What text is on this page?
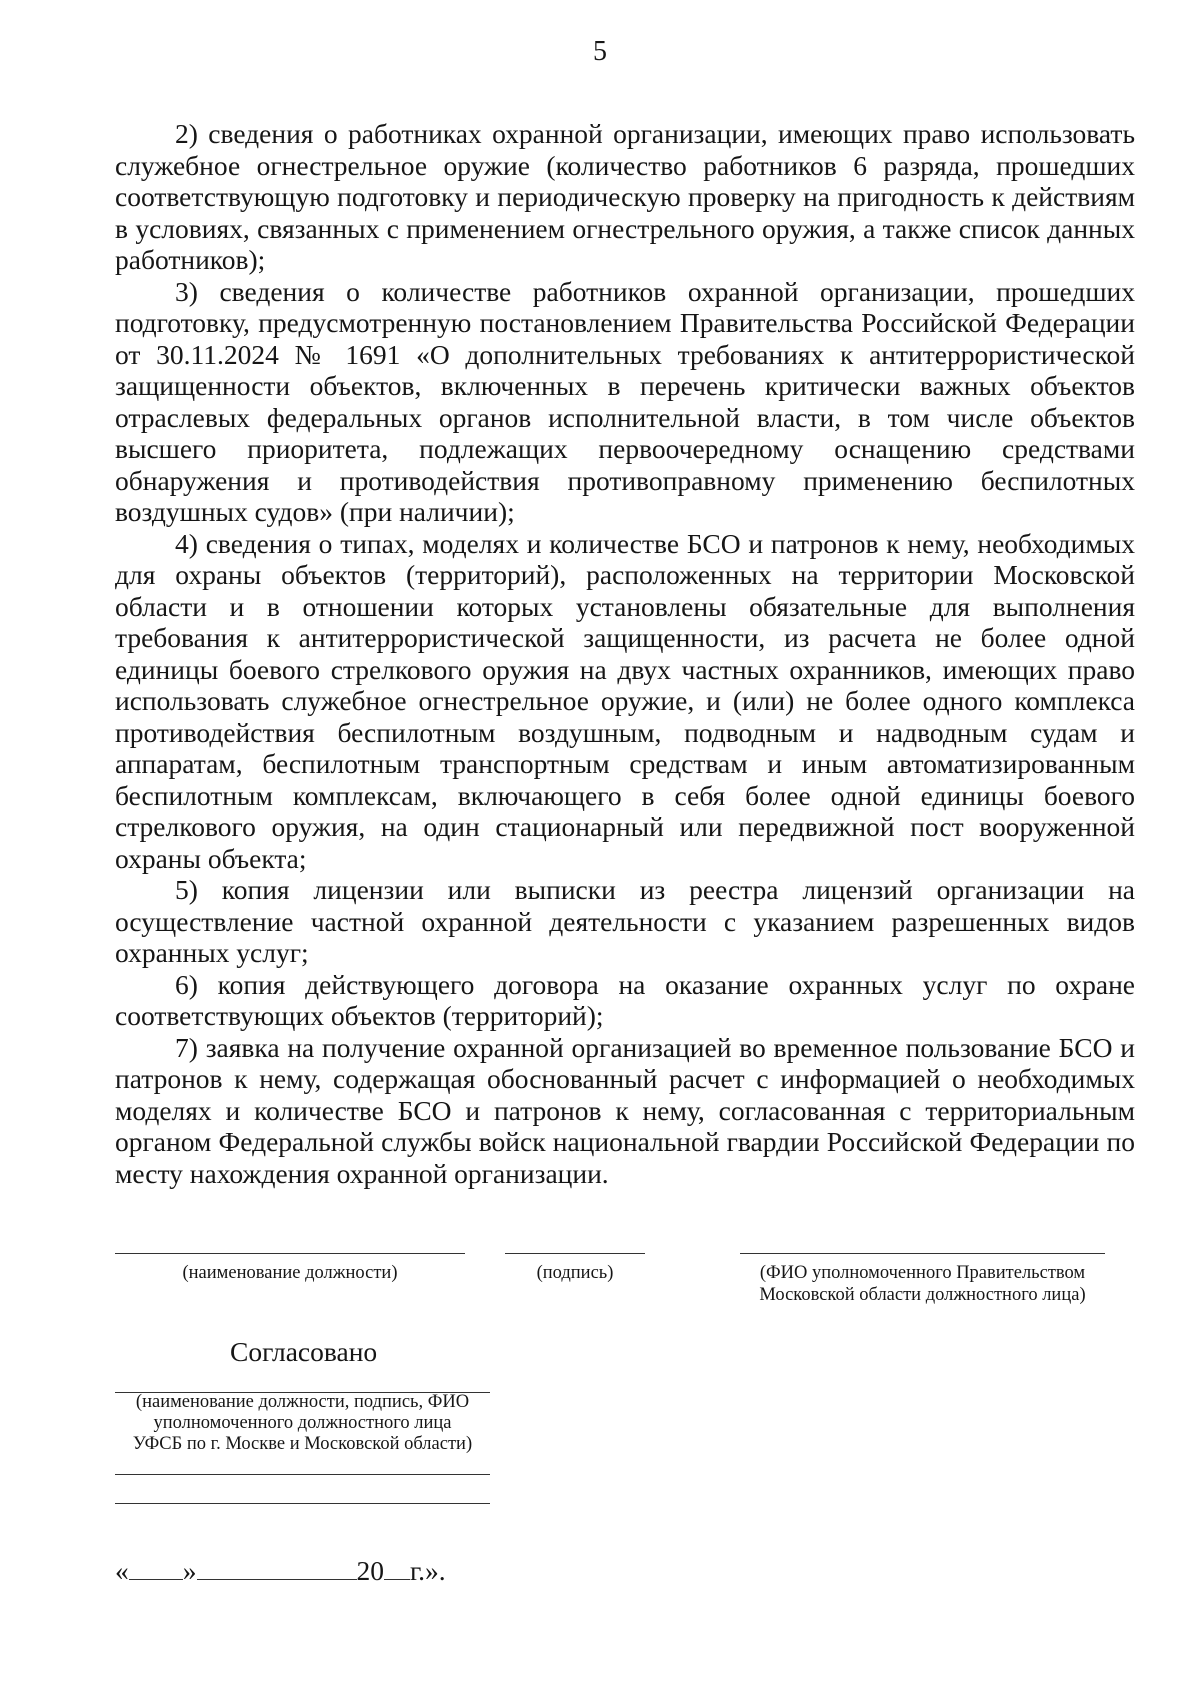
5

2) сведения о работниках охранной организации, имеющих право использовать служебное огнестрельное оружие (количество работников 6 разряда, прошедших соответствующую подготовку и периодическую проверку на пригодность к действиям в условиях, связанных с применением огнестрельного оружия, а также список данных работников);

3) сведения о количестве работников охранной организации, прошедших подготовку, предусмотренную постановлением Правительства Российской Федерации от 30.11.2024 № 1691 «О дополнительных требованиях к антитеррористической защищенности объектов, включенных в перечень критически важных объектов отраслевых федеральных органов исполнительной власти, в том числе объектов высшего приоритета, подлежащих первоочередному оснащению средствами обнаружения и противодействия противоправному применению беспилотных воздушных судов» (при наличии);

4) сведения о типах, моделях и количестве БСО и патронов к нему, необходимых для охраны объектов (территорий), расположенных на территории Московской области и в отношении которых установлены обязательные для выполнения требования к антитеррористической защищенности, из расчета не более одной единицы боевого стрелкового оружия на двух частных охранников, имеющих право использовать служебное огнестрельное оружие, и (или) не более одного комплекса противодействия беспилотным воздушным, подводным и надводным судам и аппаратам, беспилотным транспортным средствам и иным автоматизированным беспилотным комплексам, включающего в себя более одной единицы боевого стрелкового оружия, на один стационарный или передвижной пост вооруженной охраны объекта;

5) копия лицензии или выписки из реестра лицензий организации на осуществление частной охранной деятельности с указанием разрешенных видов охранных услуг;

6) копия действующего договора на оказание охранных услуг по охране соответствующих объектов (территорий);

7) заявка на получение охранной организацией во временное пользование БСО и патронов к нему, содержащая обоснованный расчет с информацией о необходимых моделях и количестве БСО и патронов к нему, согласованная с территориальным органом Федеральной службы войск национальной гвардии Российской Федерации по месту нахождения охранной организации.

(наименование должности)	(подпись)	(ФИО уполномоченного Правительством
Московской области должностного лица)
Согласовано
(наименование должности, подпись, ФИО
уполномоченного должностного лица
УФСБ по г. Москве и Московской области)
« »	20 г.».
